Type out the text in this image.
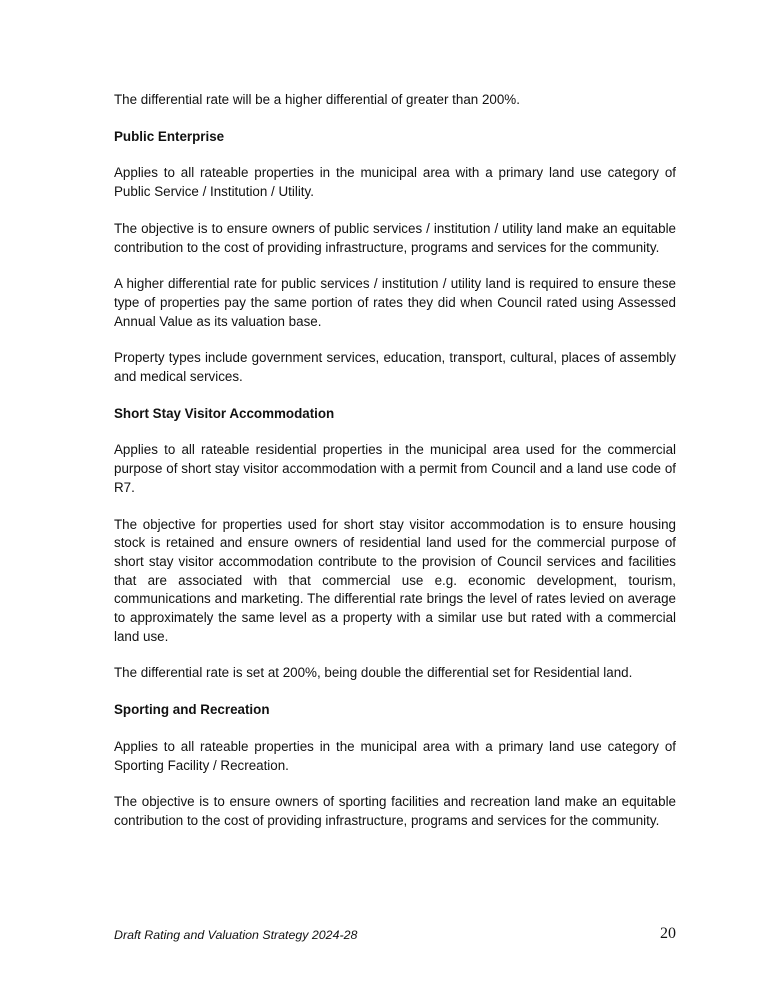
The differential rate will be a higher differential of greater than 200%.

Public Enterprise

Applies to all rateable properties in the municipal area with a primary land use category of Public Service / Institution / Utility.

The objective is to ensure owners of public services / institution / utility land make an equitable contribution to the cost of providing infrastructure, programs and services for the community.

A higher differential rate for public services / institution / utility land is required to ensure these type of properties pay the same portion of rates they did when Council rated using Assessed Annual Value as its valuation base.

Property types include government services, education, transport, cultural, places of assembly and medical services.

Short Stay Visitor Accommodation

Applies to all rateable residential properties in the municipal area used for the commercial purpose of short stay visitor accommodation with a permit from Council and a land use code of R7.

The objective for properties used for short stay visitor accommodation is to ensure housing stock is retained and ensure owners of residential land used for the commercial purpose of short stay visitor accommodation contribute to the provision of Council services and facilities that are associated with that commercial use e.g. economic development, tourism, communications and marketing. The differential rate brings the level of rates levied on average to approximately the same level as a property with a similar use but rated with a commercial land use.

The differential rate is set at 200%, being double the differential set for Residential land.

Sporting and Recreation

Applies to all rateable properties in the municipal area with a primary land use category of Sporting Facility / Recreation.

The objective is to ensure owners of sporting facilities and recreation land make an equitable contribution to the cost of providing infrastructure, programs and services for the community.

Draft Rating and Valuation Strategy 2024-28	20
